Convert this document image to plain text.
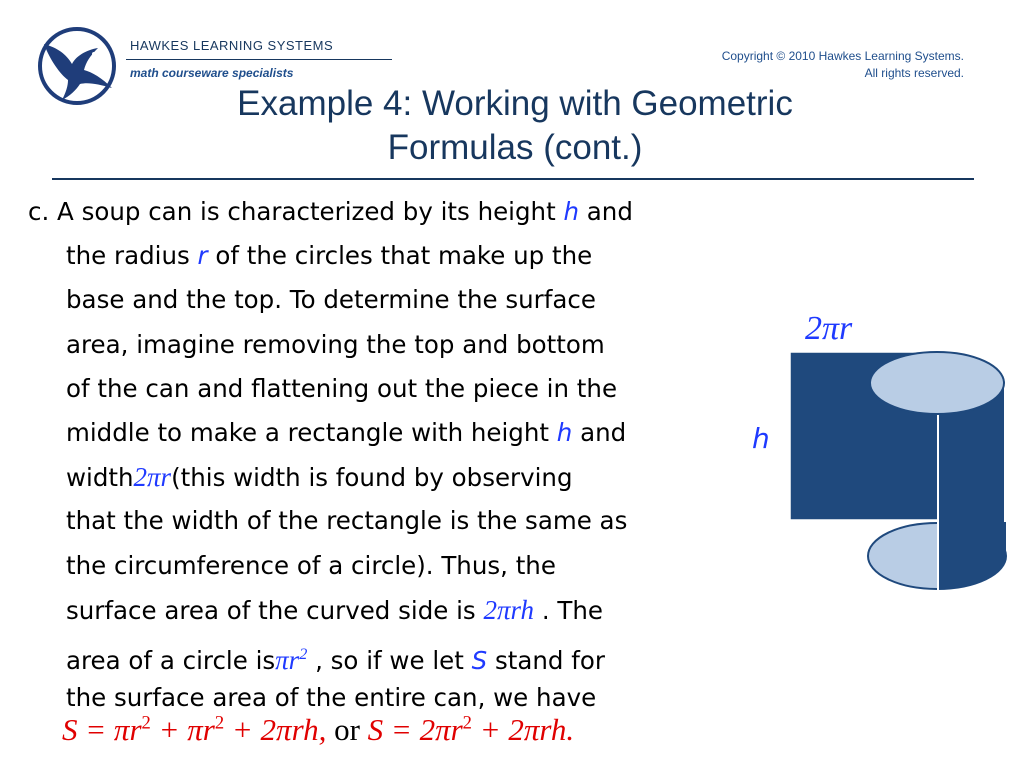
HAWKES LEARNING SYSTEMS
math courseware specialists
Copyright © 2010 Hawkes Learning Systems.
All rights reserved.
Example 4: Working with Geometric
Formulas (cont.)
c. A soup can is characterized by its height h and
the radius r of the circles that make up the
base and the top. To determine the surface
area, imagine removing the top and bottom
of the can and flattening out the piece in the
middle to make a rectangle with height h and
width2πr(this width is found by observing
that the width of the rectangle is the same as
the circumference of a circle). Thus, the
surface area of the curved side is 2πrh . The
area of a circle isπr$^2$ , so if we let S stand for
the surface area of the entire can, we have
$S = \pi r^2 + \pi r^2 + 2\pi rh$, or $S = 2\pi r^2 + 2\pi rh$.
2πr
h
